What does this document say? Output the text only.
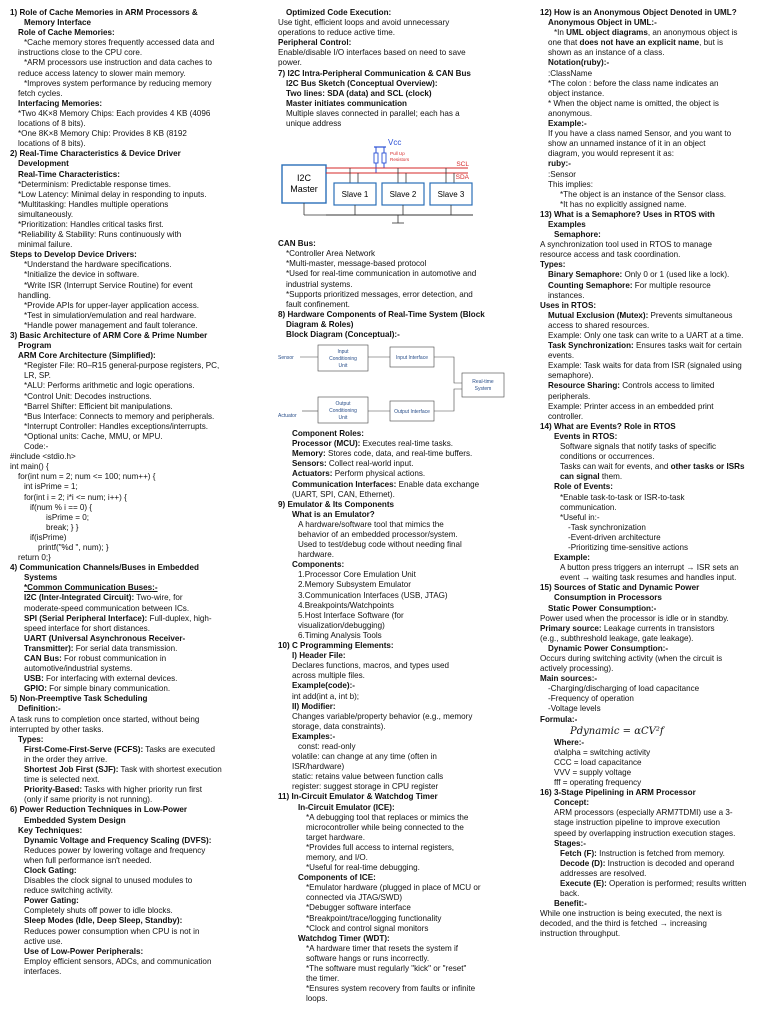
1) Role of Cache Memories in ARM Processors &
Memory Interface
Role of Cache Memories:
*Cache memory stores frequently accessed data and
instructions close to the CPU core.
*ARM processors use instruction and data caches to
reduce access latency to slower main memory.
*Improves system performance by reducing memory
fetch cycles.
Interfacing Memories:
*Two 4K×8 Memory Chips: Each provides 4 KB (4096
locations of 8 bits).
*One 8K×8 Memory Chip: Provides 8 KB (8192
locations of 8 bits).
2) Real-Time Characteristics & Device Driver
Development
Real-Time Characteristics:
*Determinism: Predictable response times.
*Low Latency: Minimal delay in responding to inputs.
*Multitasking: Handles multiple operations
simultaneously.
*Prioritization: Handles critical tasks first.
*Reliability & Stability: Runs continuously with
minimal failure.
Steps to Develop Device Drivers:
*Understand the hardware specifications.
*Initialize the device in software.
*Write ISR (Interrupt Service Routine) for event
handling.
*Provide APIs for upper-layer application access.
*Test in simulation/emulation and real hardware.
*Handle power management and fault tolerance.
3) Basic Architecture of ARM Core & Prime Number
Program
ARM Core Architecture (Simplified):
*Register File: R0–R15 general-purpose registers, PC,
LR, SP.
*ALU: Performs arithmetic and logic operations.
*Control Unit: Decodes instructions.
*Barrel Shifter: Efficient bit manipulations.
*Bus Interface: Connects to memory and peripherals.
*Interrupt Controller: Handles exceptions/interrupts.
*Optional units: Cache, MMU, or MPU.
Code:-
#include <stdio.h>
int main() {
for(int num = 2; num <= 100; num++) {
int isPrime = 1;
for(int i = 2; i*i <= num; i++) {
if(num % i == 0) {
isPrime = 0;
break; } }
if(isPrime)
printf("%d ", num); }
return 0;}
4) Communication Channels/Buses in Embedded
Systems
*Common Communication Buses:-
I2C (Inter-Integrated Circuit): Two-wire, for
moderate-speed communication between ICs.
SPI (Serial Peripheral Interface): Full-duplex, high-
speed interface for short distances.
UART (Universal Asynchronous Receiver-
Transmitter): For serial data transmission.
CAN Bus: For robust communication in
automotive/industrial systems.
USB: For interfacing with external devices.
GPIO: For simple binary communication.
5) Non-Preemptive Task Scheduling
Definition:-
A task runs to completion once started, without being
interrupted by other tasks.
Types:
First-Come-First-Serve (FCFS): Tasks are executed
in the order they arrive.
Shortest Job First (SJF): Task with shortest execution
time is selected next.
Priority-Based: Tasks with higher priority run first
(only if same priority is not running).
6) Power Reduction Techniques in Low-Power
Embedded System Design
Key Techniques:
Dynamic Voltage and Frequency Scaling (DVFS):
Reduces power by lowering voltage and frequency
when full performance isn't needed.
Clock Gating:
Disables the clock signal to unused modules to
reduce switching activity.
Power Gating:
Completely shuts off power to idle blocks.
Sleep Modes (Idle, Deep Sleep, Standby):
Reduces power consumption when CPU is not in
active use.
Use of Low-Power Peripherals:
Employ efficient sensors, ADCs, and communication
interfaces.
Optimized Code Execution:
Use tight, efficient loops and avoid unnecessary
operations to reduce active time.
Peripheral Control:
Enable/disable I/O interfaces based on need to save
power.
7) I2C Intra-Peripheral Communication & CAN Bus
I2C Bus Sketch (Conceptual Overview):
Two lines: SDA (data) and SCL (clock)
Master initiates communication
Multiple slaves connected in parallel; each has a
unique address
I2C
Master
Vcc
Pull Up
Resistors
SCL
SDA
Slave 1	Slave 2	Slave 3
CAN Bus:
*Controller Area Network
*Multi-master, message-based protocol
*Used for real-time communication in automotive and
industrial systems.
*Supports prioritized messages, error detection, and
fault confinement.
8) Hardware Components of Real-Time System (Block
Diagram & Roles)
Block Diagram (Conceptual):-
Sensor
Input
Conditioning
Unit
Input Interface
Real-time
System
Output Interface
Output
Conditioning
Unit
Actuator
Component Roles:
Processor (MCU): Executes real-time tasks.
Memory: Stores code, data, and real-time buffers.
Sensors: Collect real-world input.
Actuators: Perform physical actions.
Communication Interfaces: Enable data exchange
(UART, SPI, CAN, Ethernet).
9) Emulator & Its Components
What is an Emulator?
A hardware/software tool that mimics the
behavior of an embedded processor/system.
Used to test/debug code without needing final
hardware.
Components:
1.Processor Core Emulation Unit
2.Memory Subsystem Emulator
3.Communication Interfaces (USB, JTAG)
4.Breakpoints/Watchpoints
5.Host Interface Software (for
visualization/debugging)
6.Timing Analysis Tools
10) C Programming Elements:
I) Header File:
Declares functions, macros, and types used
across multiple files.
Example(code):-
int add(int a, int b);
II) Modifier:
Changes variable/property behavior (e.g., memory
storage, data constraints).
Examples:-
const: read-only
volatile: can change at any time (often in
ISR/hardware)
static: retains value between function calls
register: suggest storage in CPU register
11) In-Circuit Emulator & Watchdog Timer
In-Circuit Emulator (ICE):
*A debugging tool that replaces or mimics the
microcontroller while being connected to the
target hardware.
*Provides full access to internal registers,
memory, and I/O.
*Useful for real-time debugging.
Components of ICE:
*Emulator hardware (plugged in place of MCU or
connected via JTAG/SWD)
*Debugger software interface
*Breakpoint/trace/logging functionality
*Clock and control signal monitors
Watchdog Timer (WDT):
*A hardware timer that resets the system if
software hangs or runs incorrectly.
*The software must regularly "kick" or "reset"
the timer.
*Ensures system recovery from faults or infinite
loops.
12) How is an Anonymous Object Denoted in UML?
Anonymous Object in UML:-
*In UML object diagrams, an anonymous object is
one that does not have an explicit name, but is
shown as an instance of a class.
Notation(ruby):-
:ClassName
*The colon : before the class name indicates an
object instance.
* When the object name is omitted, the object is
anonymous.
Example:-
If you have a class named Sensor, and you want to
show an unnamed instance of it in an object
diagram, you would represent it as:
ruby:-
:Sensor
This implies:
*The object is an instance of the Sensor class.
*It has no explicitly assigned name.
13) What is a Semaphore? Uses in RTOS with
Examples
Semaphore:
A synchronization tool used in RTOS to manage
resource access and task coordination.
Types:
Binary Semaphore: Only 0 or 1 (used like a lock).
Counting Semaphore: For multiple resource
instances.
Uses in RTOS:
Mutual Exclusion (Mutex): Prevents simultaneous
access to shared resources.
Example: Only one task can write to a UART at a time.
Task Synchronization: Ensures tasks wait for certain
events.
Example: Task waits for data from ISR (signaled using
semaphore).
Resource Sharing: Controls access to limited
peripherals.
Example: Printer access in an embedded print
controller.
14) What are Events? Role in RTOS
Events in RTOS:
Software signals that notify tasks of specific
conditions or occurrences.
Tasks can wait for events, and other tasks or ISRs
can signal them.
Role of Events:
*Enable task-to-task or ISR-to-task
communication.
*Useful in:-
-Task synchronization
-Event-driven architecture
-Prioritizing time-sensitive actions
Example:
A button press triggers an interrupt → ISR sets an
event → waiting task resumes and handles input.
15) Sources of Static and Dynamic Power
Consumption in Processors
Static Power Consumption:-
Power used when the processor is idle or in standby.
Primary source: Leakage currents in transistors
(e.g., subthreshold leakage, gate leakage).
Dynamic Power Consumption:-
Occurs during switching activity (when the circuit is
actively processing).
Main sources:-
-Charging/discharging of load capacitance
-Frequency of operation
-Voltage levels
Formula:-
Pdynamic = αCV²f
Where:-
α\alpha = switching activity
CCC = load capacitance
VVV = supply voltage
fff = operating frequency
16) 3-Stage Pipelining in ARM Processor
Concept:
ARM processors (especially ARM7TDMI) use a 3-
stage instruction pipeline to improve execution
speed by overlapping instruction execution stages.
Stages:-
Fetch (F): Instruction is fetched from memory.
Decode (D): Instruction is decoded and operand
addresses are resolved.
Execute (E): Operation is performed; results written
back.
Benefit:-
While one instruction is being executed, the next is
decoded, and the third is fetched → increasing
instruction throughput.
